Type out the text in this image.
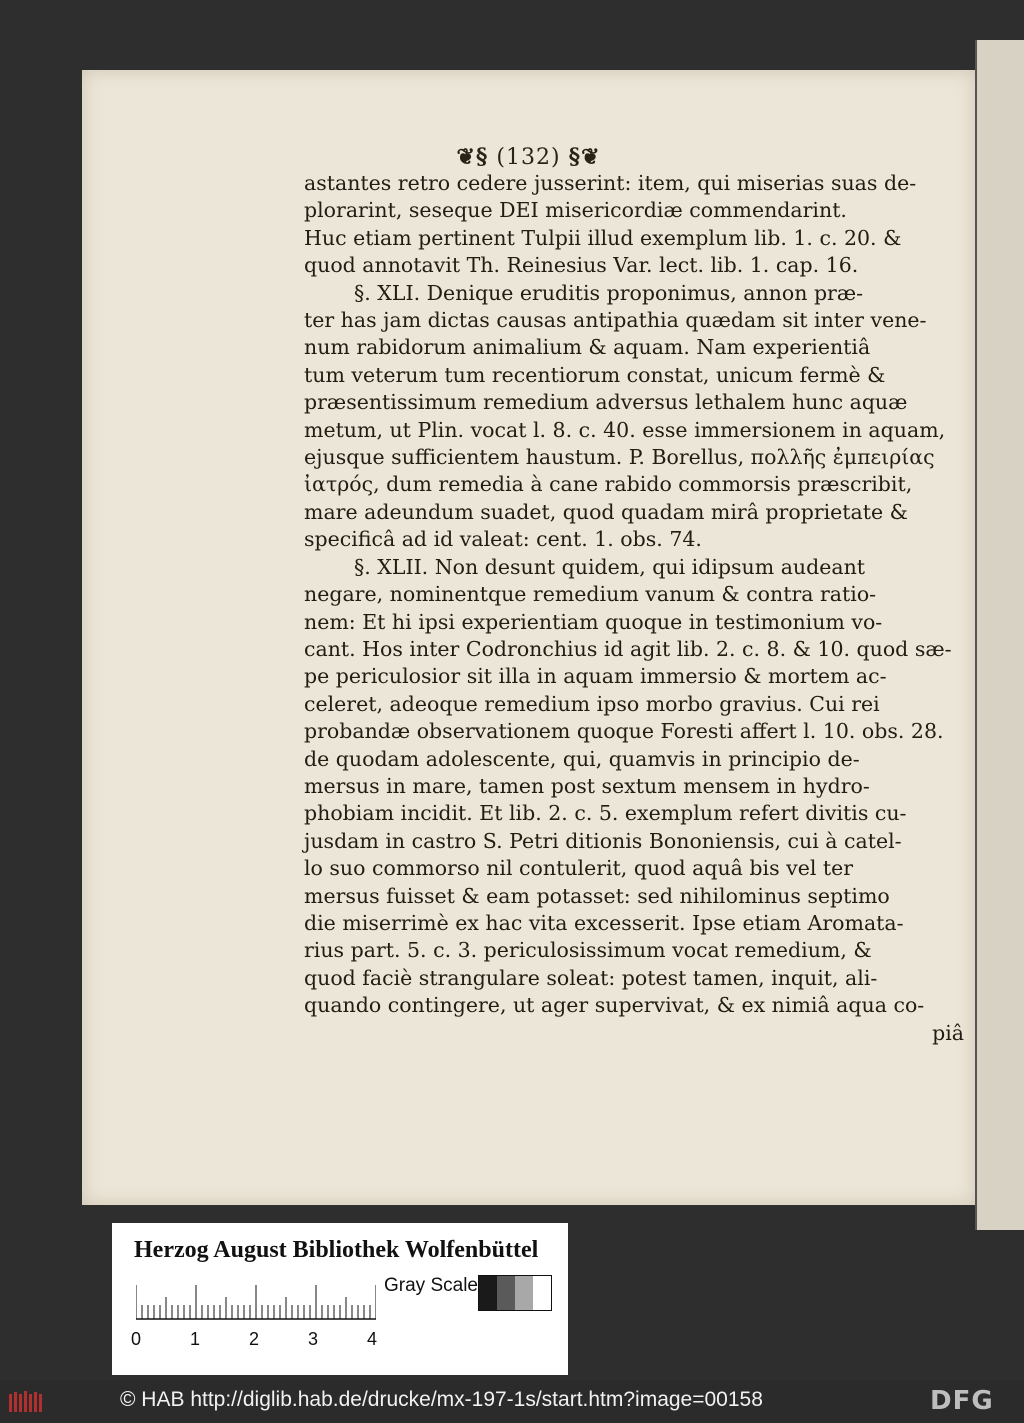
❦§ (132) §❦

astantes retro cedere jusserint: item, qui miserias suas de-

plorarint, seseque DEI misericordiæ commendarint.

Huc etiam pertinent Tulpii illud exemplum lib. 1. c. 20. &

quod annotavit Th. Reinesius Var. lect. lib. 1. cap. 16.

§. XLI. Denique eruditis proponimus, annon præ-

ter has jam dictas causas antipathia quædam sit inter vene-

num rabidorum animalium & aquam. Nam experientiâ

tum veterum tum recentiorum constat, unicum fermè &

præsentissimum remedium adversus lethalem hunc aquæ

metum, ut Plin. vocat l. 8. c. 40. esse immersionem in aquam,

ejusque sufficientem haustum. P. Borellus, πολλῆς ἐμπειρίας

ἰατρός, dum remedia à cane rabido commorsis præscribit,

mare adeundum suadet, quod quadam mirâ proprietate &

specificâ ad id valeat: cent. 1. obs. 74.

§. XLII. Non desunt quidem, qui idipsum audeant

negare, nominentque remedium vanum & contra ratio-

nem: Et hi ipsi experientiam quoque in testimonium vo-

cant. Hos inter Codronchius id agit lib. 2. c. 8. & 10. quod sæ-

pe periculosior sit illa in aquam immersio & mortem ac-

celeret, adeoque remedium ipso morbo gravius. Cui rei

probandæ observationem quoque Foresti affert l. 10. obs. 28.

de quodam adolescente, qui, quamvis in principio de-

mersus in mare, tamen post sextum mensem in hydro-

phobiam incidit. Et lib. 2. c. 5. exemplum refert divitis cu-

jusdam in castro S. Petri ditionis Bononiensis, cui à catel-

lo suo commorso nil contulerit, quod aquâ bis vel ter

mersus fuisset & eam potasset: sed nihilominus septimo

die miserrimè ex hac vita excesserit. Ipse etiam Aromata-

rius part. 5. c. 3. periculosissimum vocat remedium, &

quod faciè strangulare soleat: potest tamen, inquit, ali-

quando contingere, ut ager supervivat, & ex nimiâ aqua co-

piâ

Herzog August Bibliothek Wolfenbüttel
0	1	2	3	4
Gray Scale
© HAB http://diglib.hab.de/drucke/mx-197-1s/start.htm?image=00158	DFG
